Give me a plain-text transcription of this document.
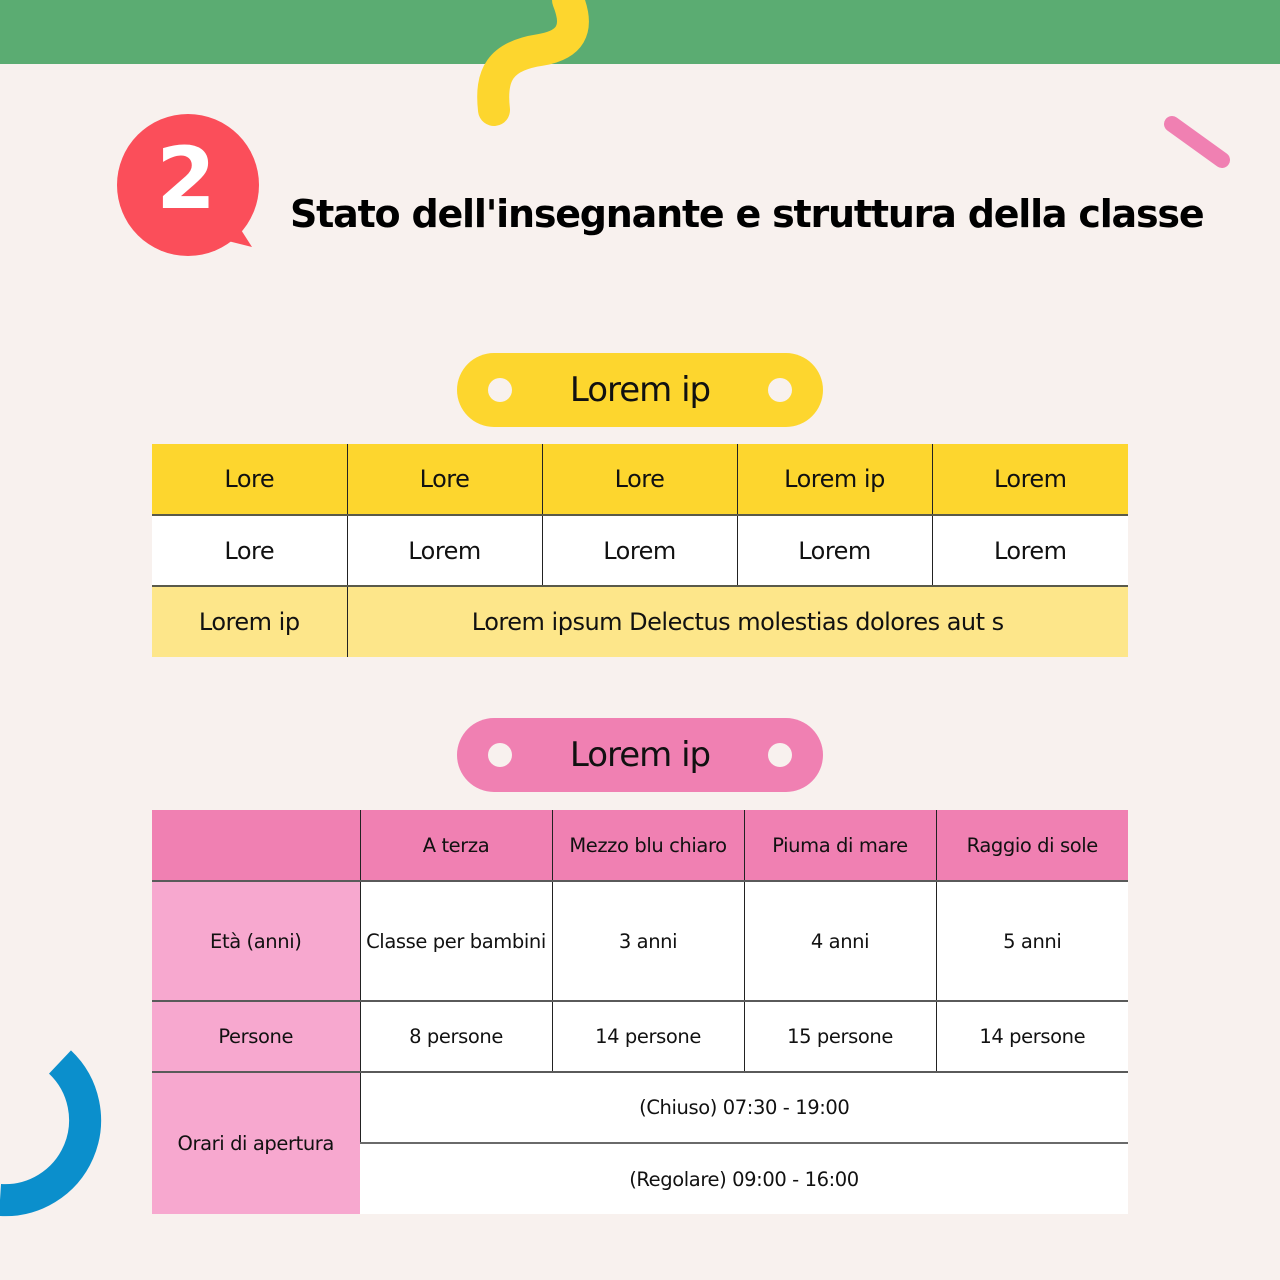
2	Stato dell'insegnante e struttura della classe
Lorem ip
Lore	Lore	Lore	Lorem ip	Lorem
Lore	Lorem	Lorem	Lorem	Lorem
Lorem ip	Lorem ipsum Delectus molestias dolores aut s			
Lorem ip
	A terza	Mezzo blu chiaro	Piuma di mare	Raggio di sole
Età (anni)	Classe per bambini	3 anni	4 anni	5 anni
Persone	8 persone	14 persone	15 persone	14 persone
Orari di apertura	(Chiuso) 07:30 - 19:00			
	(Regolare) 09:00 - 16:00			
